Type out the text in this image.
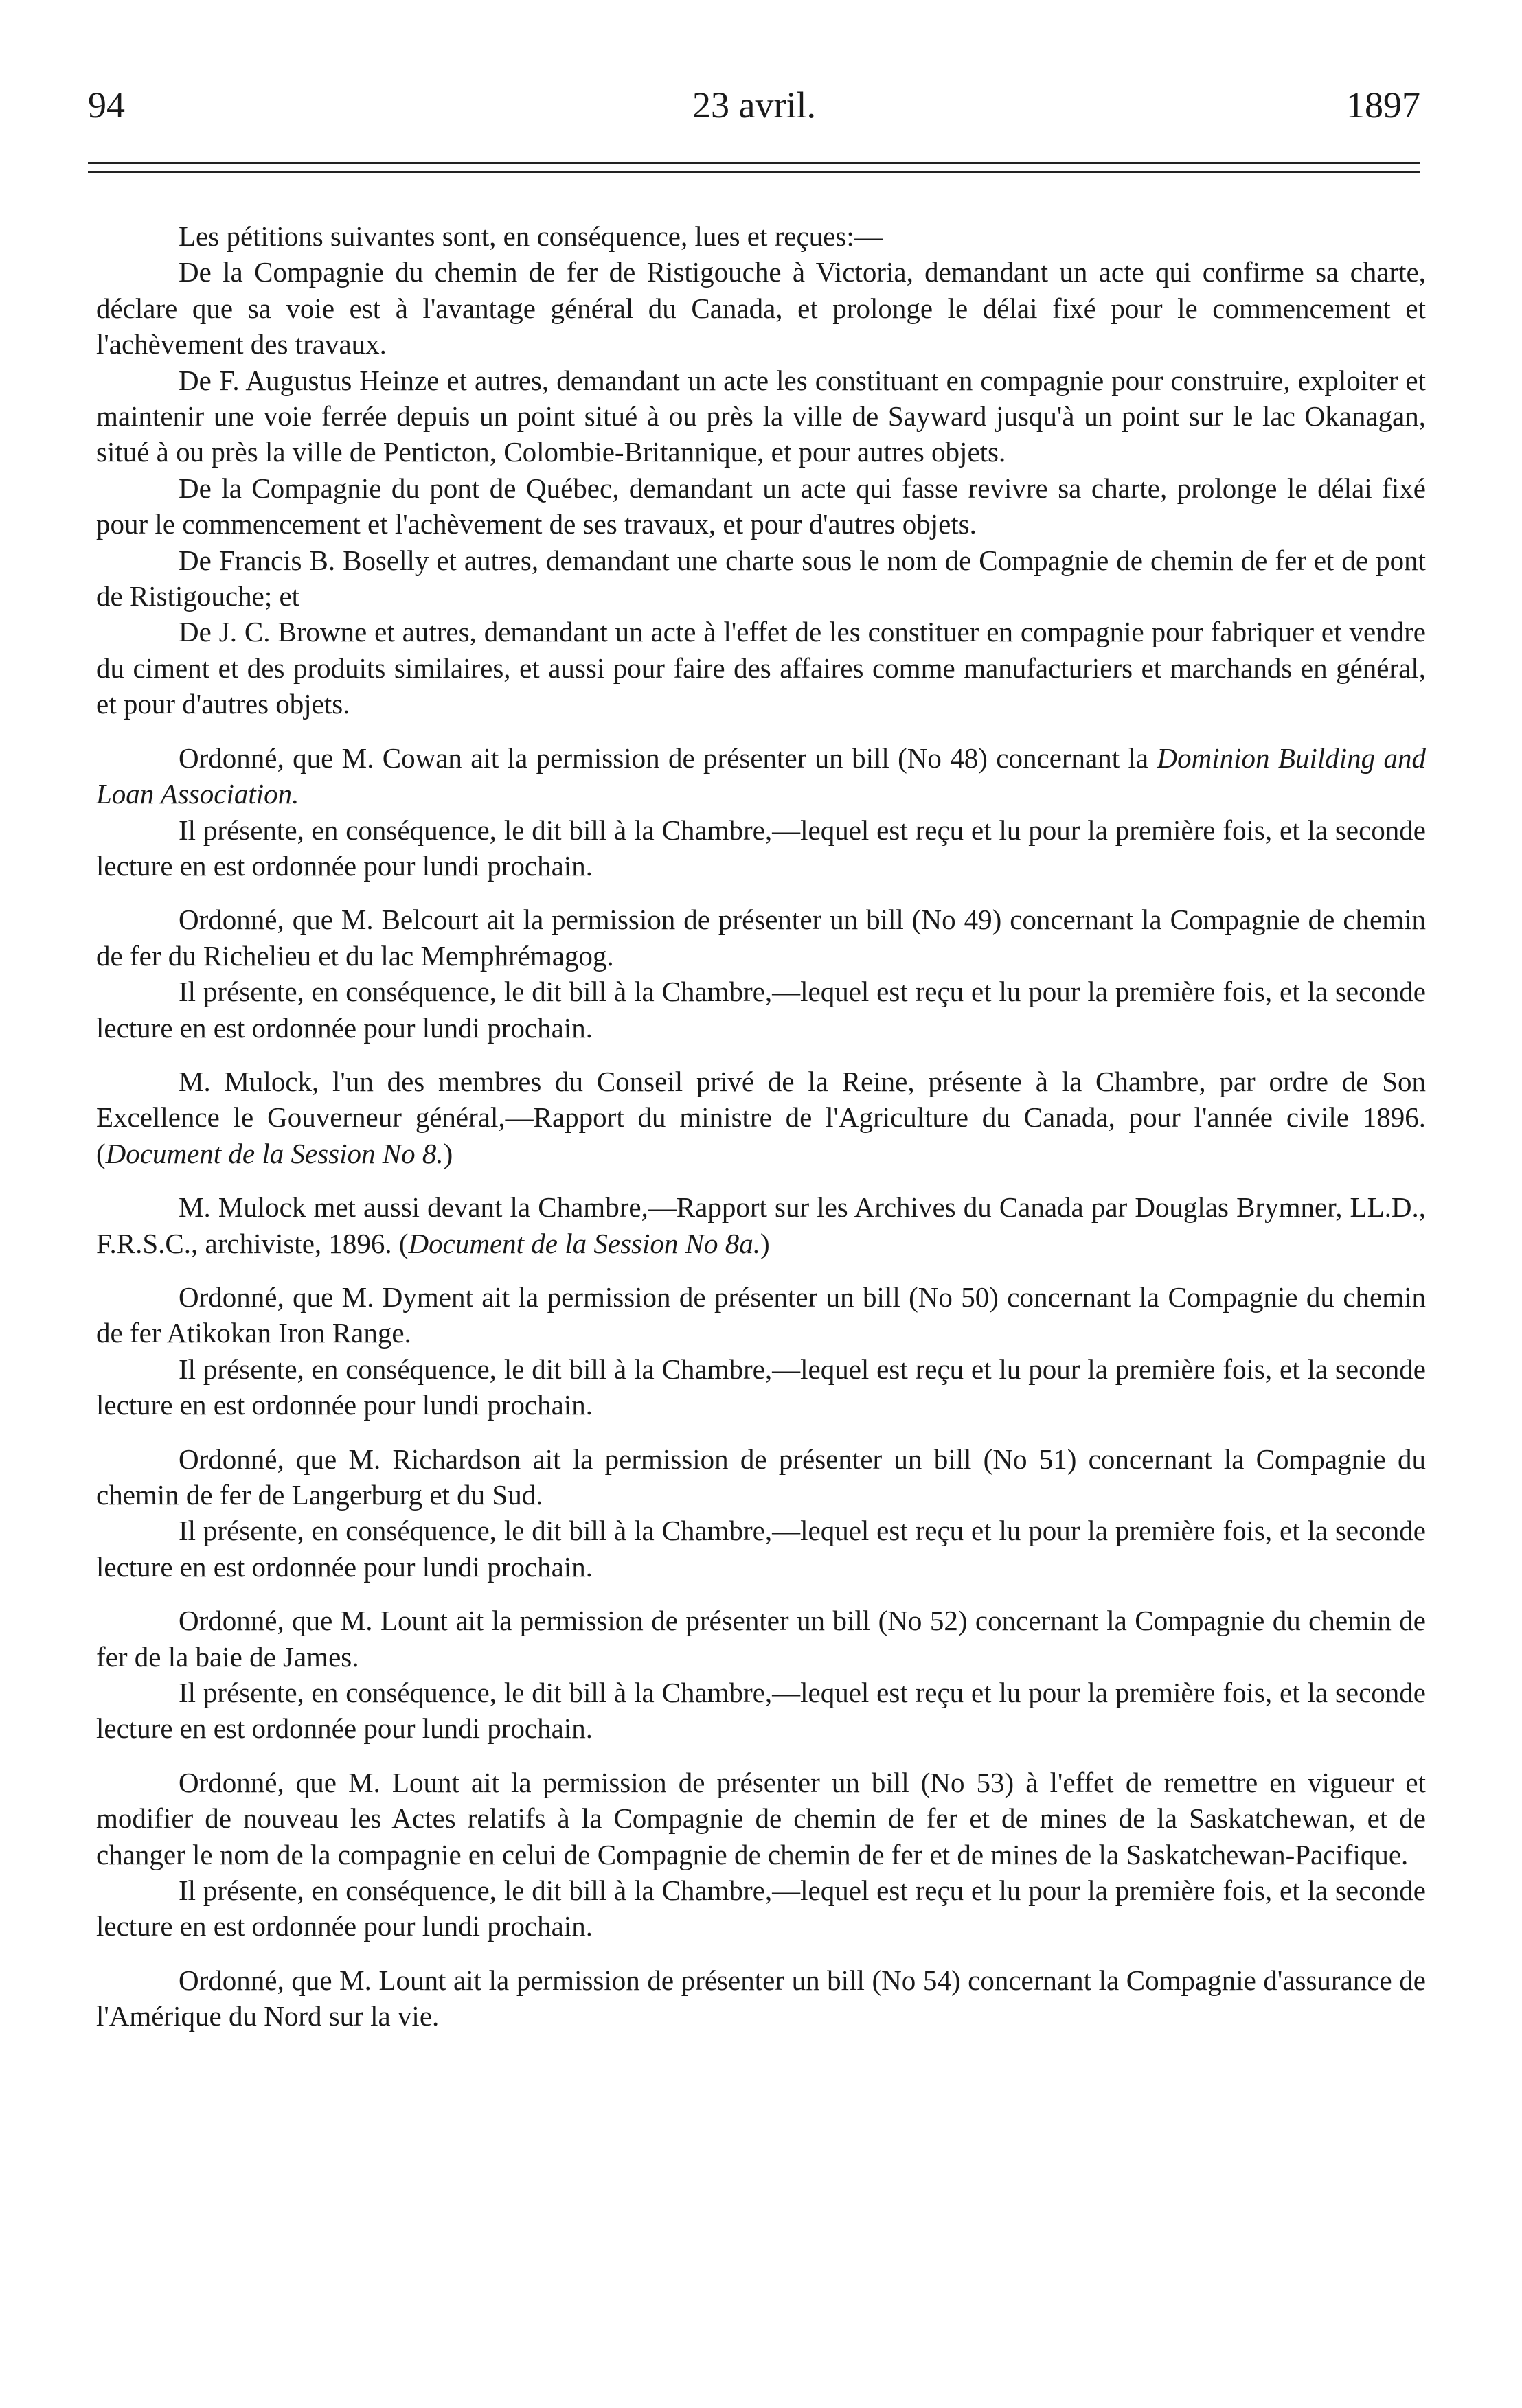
94	23 avril.	1897

Les pétitions suivantes sont, en conséquence, lues et reçues:—

De la Compagnie du chemin de fer de Ristigouche à Victoria, demandant un acte qui confirme sa charte, déclare que sa voie est à l'avantage général du Canada, et prolonge le délai fixé pour le commencement et l'achèvement des travaux.

De F. Augustus Heinze et autres, demandant un acte les constituant en compagnie pour construire, exploiter et maintenir une voie ferrée depuis un point situé à ou près la ville de Sayward jusqu'à un point sur le lac Okanagan, situé à ou près la ville de Penticton, Colombie-Britannique, et pour autres objets.

De la Compagnie du pont de Québec, demandant un acte qui fasse revivre sa charte, prolonge le délai fixé pour le commencement et l'achèvement de ses travaux, et pour d'autres objets.

De Francis B. Boselly et autres, demandant une charte sous le nom de Compagnie de chemin de fer et de pont de Ristigouche; et

De J. C. Browne et autres, demandant un acte à l'effet de les constituer en compagnie pour fabriquer et vendre du ciment et des produits similaires, et aussi pour faire des affaires comme manufacturiers et marchands en général, et pour d'autres objets.

Ordonné, que M. Cowan ait la permission de présenter un bill (No 48) concernant la Dominion Building and Loan Association.

Il présente, en conséquence, le dit bill à la Chambre,—lequel est reçu et lu pour la première fois, et la seconde lecture en est ordonnée pour lundi prochain.

Ordonné, que M. Belcourt ait la permission de présenter un bill (No 49) concernant la Compagnie de chemin de fer du Richelieu et du lac Memphrémagog.

Il présente, en conséquence, le dit bill à la Chambre,—lequel est reçu et lu pour la première fois, et la seconde lecture en est ordonnée pour lundi prochain.

M. Mulock, l'un des membres du Conseil privé de la Reine, présente à la Chambre, par ordre de Son Excellence le Gouverneur général,—Rapport du ministre de l'Agriculture du Canada, pour l'année civile 1896. (Document de la Session No 8.)

M. Mulock met aussi devant la Chambre,—Rapport sur les Archives du Canada par Douglas Brymner, LL.D., F.R.S.C., archiviste, 1896. (Document de la Session No 8a.)

Ordonné, que M. Dyment ait la permission de présenter un bill (No 50) concernant la Compagnie du chemin de fer Atikokan Iron Range.

Il présente, en conséquence, le dit bill à la Chambre,—lequel est reçu et lu pour la première fois, et la seconde lecture en est ordonnée pour lundi prochain.

Ordonné, que M. Richardson ait la permission de présenter un bill (No 51) concernant la Compagnie du chemin de fer de Langerburg et du Sud.

Il présente, en conséquence, le dit bill à la Chambre,—lequel est reçu et lu pour la première fois, et la seconde lecture en est ordonnée pour lundi prochain.

Ordonné, que M. Lount ait la permission de présenter un bill (No 52) concernant la Compagnie du chemin de fer de la baie de James.

Il présente, en conséquence, le dit bill à la Chambre,—lequel est reçu et lu pour la première fois, et la seconde lecture en est ordonnée pour lundi prochain.

Ordonné, que M. Lount ait la permission de présenter un bill (No 53) à l'effet de remettre en vigueur et modifier de nouveau les Actes relatifs à la Compagnie de chemin de fer et de mines de la Saskatchewan, et de changer le nom de la compagnie en celui de Compagnie de chemin de fer et de mines de la Saskatchewan-Pacifique.

Il présente, en conséquence, le dit bill à la Chambre,—lequel est reçu et lu pour la première fois, et la seconde lecture en est ordonnée pour lundi prochain.

Ordonné, que M. Lount ait la permission de présenter un bill (No 54) concernant la Compagnie d'assurance de l'Amérique du Nord sur la vie.
